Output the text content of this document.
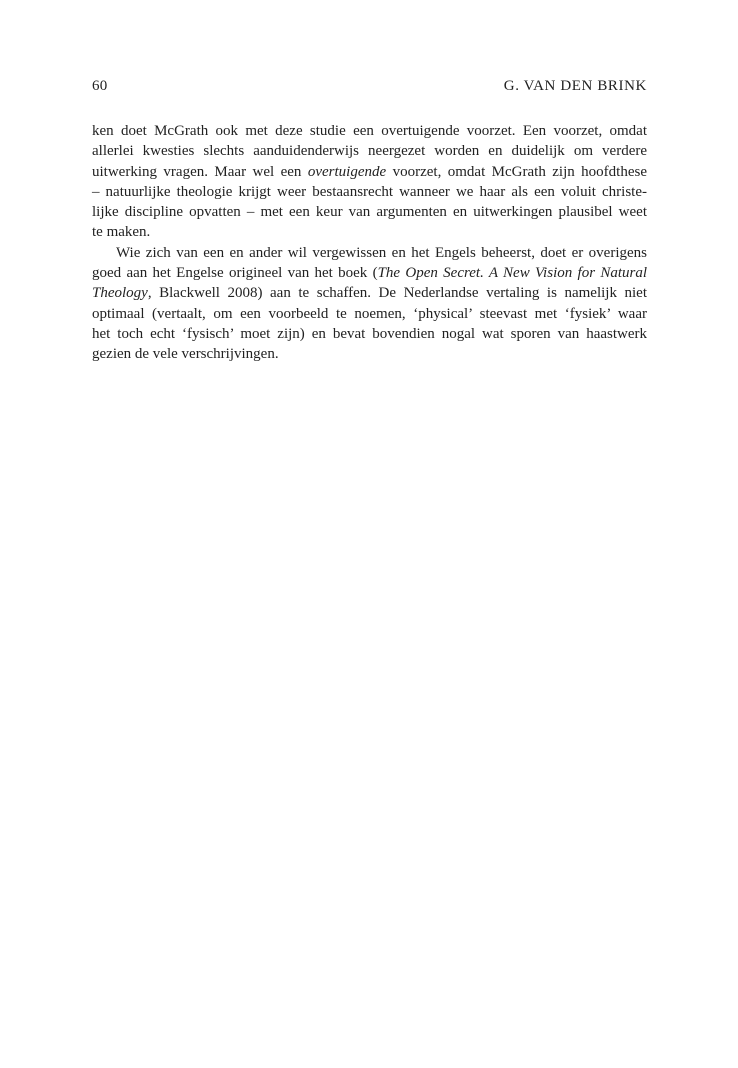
60	G. VAN DEN BRINK
ken doet McGrath ook met deze studie een overtuigende voorzet. Een voorzet, omdat
allerlei kwesties slechts aanduidenderwijs neergezet worden en duidelijk om verdere
uitwerking vragen. Maar wel een overtuigende voorzet, omdat McGrath zijn hoofdthese
– natuurlijke theologie krijgt weer bestaansrecht wanneer we haar als een voluit christe-
lijke discipline opvatten – met een keur van argumenten en uitwerkingen plausibel weet
te maken.
Wie zich van een en ander wil vergewissen en het Engels beheerst, doet er overigens
goed aan het Engelse origineel van het boek (The Open Secret. A New Vision for Natural
Theology, Blackwell 2008) aan te schaffen. De Nederlandse vertaling is namelijk niet
optimaal (vertaalt, om een voorbeeld te noemen, ‘physical’ steevast met ‘fysiek’ waar
het toch echt ‘fysisch’ moet zijn) en bevat bovendien nogal wat sporen van haastwerk
gezien de vele verschrijvingen.
